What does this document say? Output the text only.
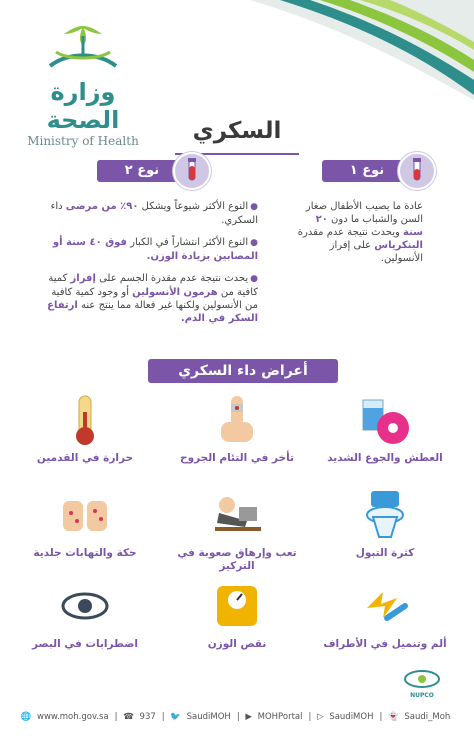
وزارة الصحة
Ministry of Health	السكري
نوع ١
نوع ٢

عادة ما يصيب الأطفال صغار السن والشباب ما دون ٢٠ سنة ويحدث نتيجة عدم مقدرة البنكرياس على إفراز الأنسولين.

●النوع الأكثر شيوعاً ويشكل ٩٠٪ من مرضى داء السكري.

●النوع الأكثر انتشاراً في الكبار فوق ٤٠ سنة أو المصابين بزيادة الوزن.

●يحدث نتيجة عدم مقدرة الجسم على إفراز كمية كافية من هرمون الأنسولين أو وجود كمية كافية من الأنسولين ولكنها غير فعالة مما ينتج عنه ارتفاع السكر في الدم.

أعراض داء السكري
العطش والجوع الشديد
تأخر في التئام الجروح
حرارة في القدمين
كثرة التبول
تعب وإرهاق صعوبة في التركيز
حكة والتهابات جلدية
ألم وتنميل في الأطراف
نقص الوزن
اضطرابات في البصر
NUPCO
🌐 www.moh.gov.sa | ☎ 937 | 🐦 SaudiMOH | ▶ MOHPortal | ▷ SaudiMOH | 👻 Saudi_Moh
